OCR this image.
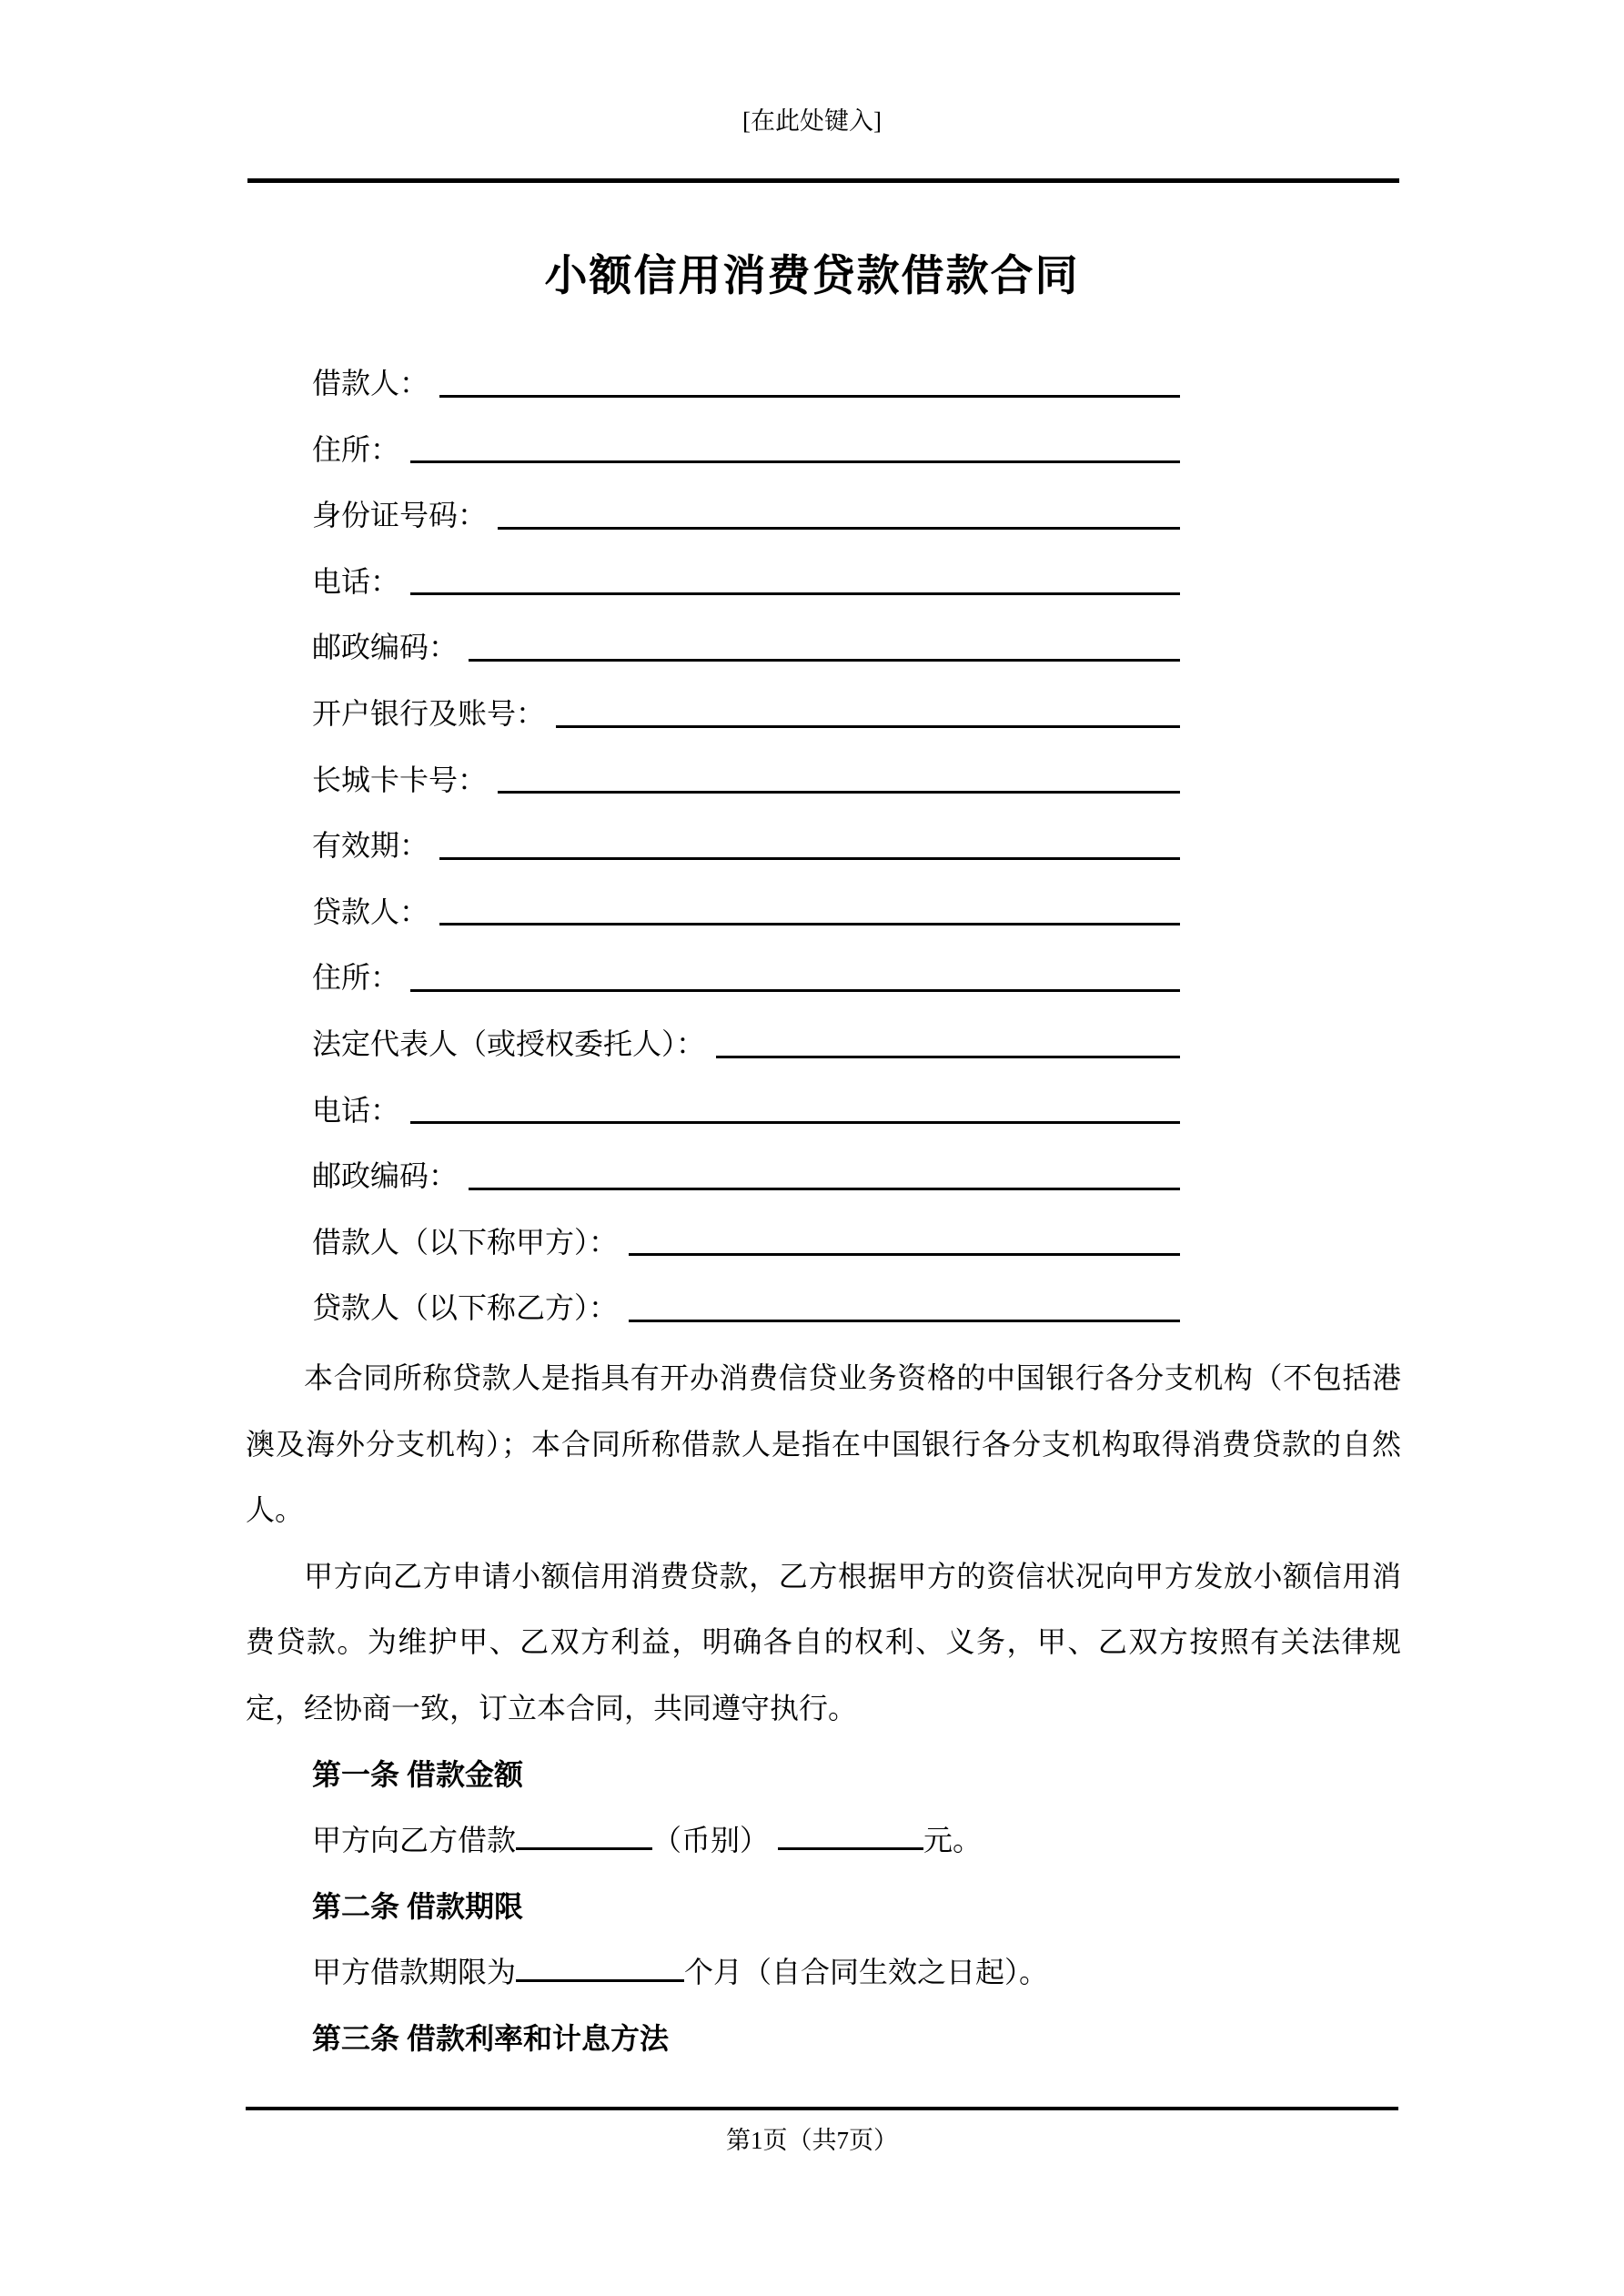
[在此处键入]
小额信用消费贷款借款合同
借款人：
住所：
身份证号码：
电话：
邮政编码：
开户银行及账号：
长城卡卡号：
有效期：
贷款人：
住所：
法定代表人（或授权委托人）：
电话：
邮政编码：
借款人（以下称甲方）：
贷款人（以下称乙方）：

本合同所称贷款人是指具有开办消费信贷业务资格的中国银行各分支机构（不包括港澳及海外分支机构）；本合同所称借款人是指在中国银行各分支机构取得消费贷款的自然人。

甲方向乙方申请小额信用消费贷款，乙方根据甲方的资信状况向甲方发放小额信用消费贷款。为维护甲、乙双方利益，明确各自的权利、义务，甲、乙双方按照有关法律规定，经协商一致，订立本合同，共同遵守执行。

第一条 借款金额

甲方向乙方借款	（币别）	元。

第二条 借款期限

甲方借款期限为	个月（自合同生效之日起）。

第三条 借款利率和计息方法

第1页（共7页）
